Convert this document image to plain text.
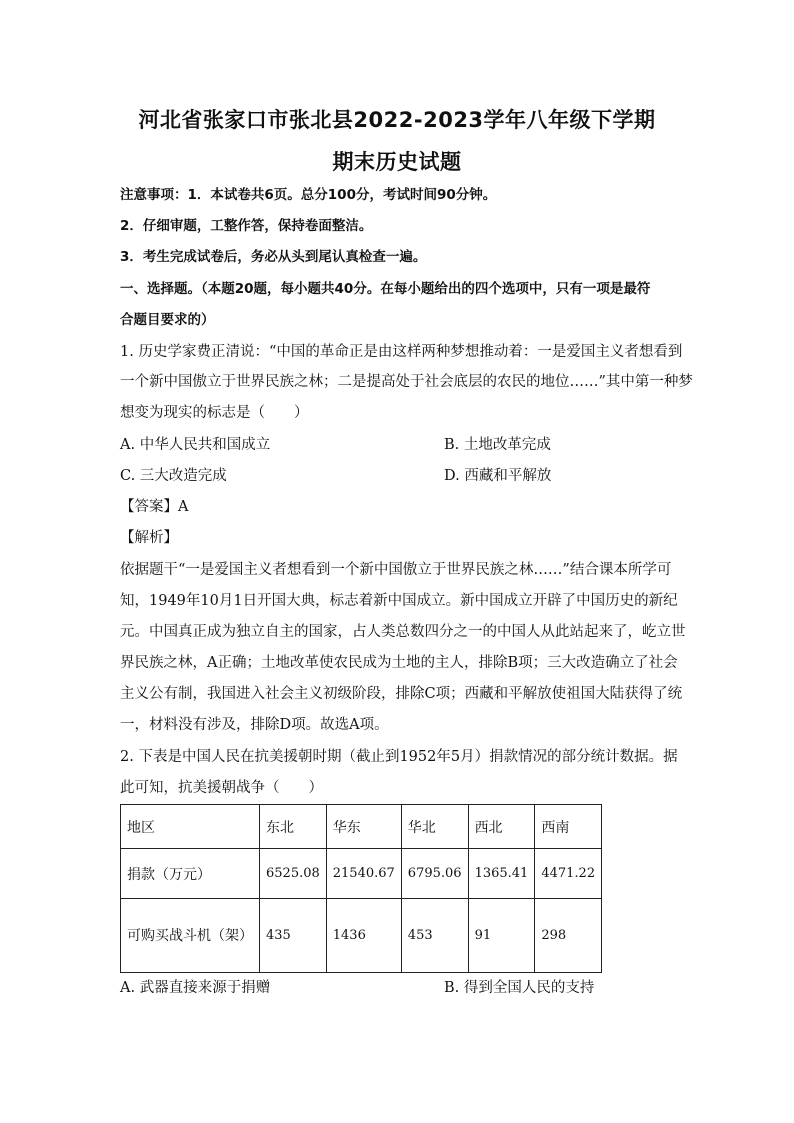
河北省张家口市张北县2022-2023学年八年级下学期
期末历史试题
注意事项：1．本试卷共6页。总分100分，考试时间90分钟。
2．仔细审题，工整作答，保持卷面整洁。
3．考生完成试卷后，务必从头到尾认真检查一遍。
一、选择题。（本题20题，每小题共40分。在每小题给出的四个选项中，只有一项是最符
合题目要求的）
1. 历史学家费正清说：“中国的革命正是由这样两种梦想推动着：一是爱国主义者想看到
一个新中国傲立于世界民族之林；二是提高处于社会底层的农民的地位……”其中第一种梦
想变为现实的标志是（　　）
A. 中华人民共和国成立	B. 土地改革完成
C. 三大改造完成	D. 西藏和平解放
【答案】A
【解析】
依据题干“一是爱国主义者想看到一个新中国傲立于世界民族之林……”结合课本所学可
知，1949年10月1日开国大典，标志着新中国成立。新中国成立开辟了中国历史的新纪
元。中国真正成为独立自主的国家，占人类总数四分之一的中国人从此站起来了，屹立世
界民族之林，A正确；土地改革使农民成为土地的主人，排除B项；三大改造确立了社会
主义公有制，我国进入社会主义初级阶段，排除C项；西藏和平解放使祖国大陆获得了统
一，材料没有涉及，排除D项。故选A项。
2. 下表是中国人民在抗美援朝时期（截止到1952年5月）捐款情况的部分统计数据。据
此可知，抗美援朝战争（　　）
地区	东北	华东	华北	西北	西南
捐款（万元）	6525.08	21540.67	6795.06	1365.41	4471.22
可购买战斗机（架）	435	1436	453	91	298
A. 武器直接来源于捐赠	B. 得到全国人民的支持
